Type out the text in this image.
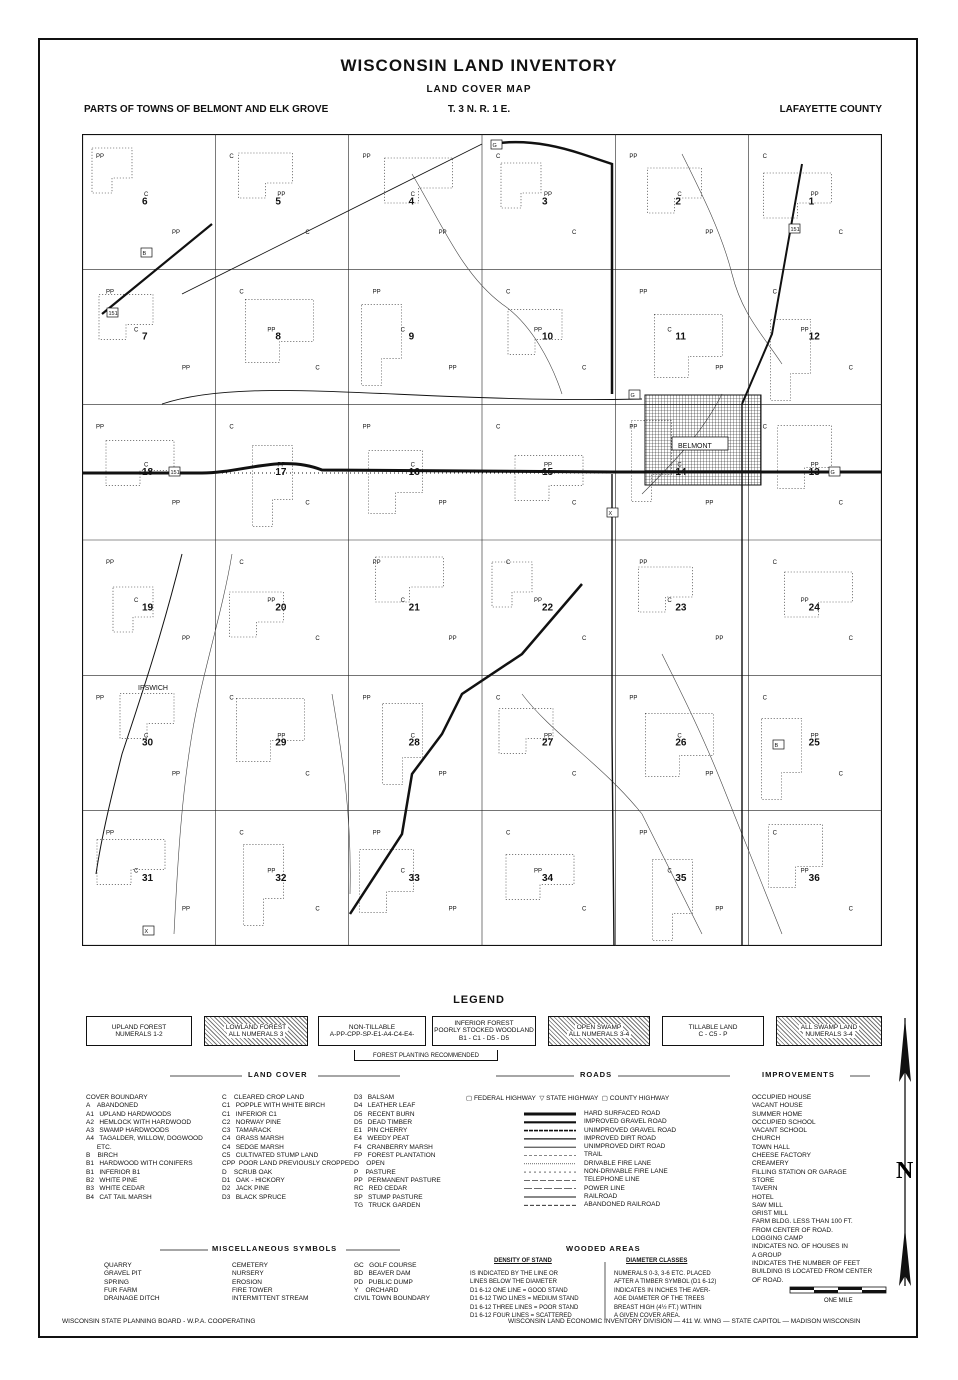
WISCONSIN LAND INVENTORY
LAND COVER MAP
PARTS OF TOWNS OF BELMONT AND ELK GROVE	T. 3 N. R. 1 E.	LAFAYETTE COUNTY
6
PP
C
PP
5
C
PP
C
4
PP
C
PP
3
C
PP
C
2
PP
C
PP
1
C
PP
C
7
PP
C
PP
8
C
PP
C
9
PP
C
PP
10
C
PP
C
11
PP
C
PP
12
C
PP
C
18
PP
C
PP
17
C
PP
C
16
PP
C
PP
15
C
PP
C
14
PP
C
PP
13
C
PP
C
19
PP
C
PP
20
C
PP
C
21
PP
C
PP
22
C
PP
C
23
PP
C
PP
24
C
PP
C
30
PP
C
PP
29
C
PP
C
28
PP
C
PP
27
C
PP
C
26
PP
C
PP
25
C
PP
C
31
PP
C
PP
32
C
PP
C
33
PP
C
PP
34
C
PP
C
35
PP
C
PP
36
C
PP
C
BELMONT
IPSWICH
151
151
151
G
G
G
B
B
X
X
LEGEND
UPLAND FOREST
NUMERALS 1-2
LOWLAND FOREST
ALL NUMERALS 3
NON-TILLABLE
A-PP-CPP-SP-E1-A4-C4-E4-
INFERIOR FOREST
POORLY STOCKED WOODLAND
B1 - C1 - D5 - D5
OPEN SWAMP
ALL NUMERALS 3-4
TILLABLE LAND
C - C5 - P
ALL SWAMP LAND
NUMERALS 3-4
FOREST PLANTING RECOMMENDED
LAND COVER	ROADS	IMPROVEMENTS
COVER BOUNDARY
A    ABANDONED
A1   UPLAND HARDWOODS
A2   HEMLOCK WITH HARDWOOD
A3   SWAMP HARDWOODS
A4   TAGALDER, WILLOW, DOGWOOD
ETC.
B    BIRCH
B1   HARDWOOD WITH CONIFERS
B1   INFERIOR B1
B2   WHITE PINE
B3   WHITE CEDAR
B4   CAT TAIL MARSH
C    CLEARED CROP LAND
C1   POPPLE WITH WHITE BIRCH
C1   INFERIOR C1
C2   NORWAY PINE
C3   TAMARACK
C4   GRASS MARSH
C4   SEDGE MARSH
C5   CULTIVATED STUMP LAND
CPP  POOR LAND PREVIOUSLY CROPPED
D    SCRUB OAK
D1   OAK - HICKORY
D2   JACK PINE
D3   BLACK SPRUCE
D3   BALSAM
D4   LEATHER LEAF
D5   RECENT BURN
D5   DEAD TIMBER
E1   PIN CHERRY
E4   WEEDY PEAT
F4   CRANBERRY MARSH
FP   FOREST PLANTATION
O    OPEN
P    PASTURE
PP   PERMANENT PASTURE
RC   RED CEDAR
SP   STUMP PASTURE
TG   TRUCK GARDEN
▢ FEDERAL HIGHWAY ▽ STATE HIGHWAY ▢ COUNTY HIGHWAY
HARD SURFACED ROAD
IMPROVED GRAVEL ROAD
UNIMPROVED GRAVEL ROAD
IMPROVED DIRT ROAD
UNIMPROVED DIRT ROAD
TRAIL
DRIVABLE FIRE LANE
NON-DRIVABLE FIRE LANE
TELEPHONE LINE
POWER LINE
RAILROAD
ABANDONED RAILROAD
OCCUPIED HOUSE
VACANT HOUSE
SUMMER HOME
OCCUPIED SCHOOL
VACANT SCHOOL
CHURCH
TOWN HALL
CHEESE FACTORY
CREAMERY
FILLING STATION OR GARAGE
STORE
TAVERN
HOTEL
SAW MILL
GRIST MILL
FARM BLDG. LESS THAN 100 FT.
FROM CENTER OF ROAD.
LOGGING CAMP
INDICATES NO. OF HOUSES IN
A GROUP
INDICATES THE NUMBER OF FEET
BUILDING IS LOCATED FROM CENTER
OF ROAD.
MISCELLANEOUS SYMBOLS
QUARRY
GRAVEL PIT
SPRING
FUR FARM
DRAINAGE DITCH
CEMETERY
NURSERY
EROSION
FIRE TOWER
INTERMITTENT STREAM
GC   GOLF COURSE
BD   BEAVER DAM
PD   PUBLIC DUMP
Y    ORCHARD
CIVIL TOWN BOUNDARY
WOODED AREAS
DENSITY OF STAND	DIAMETER CLASSES
IS INDICATED BY THE LINE OR
LINES BELOW THE DIAMETER
D1 6-12 ONE LINE = GOOD STAND
D1 6-12 TWO LINES = MEDIUM STAND
D1 6-12 THREE LINES = POOR STAND
D1 6-12 FOUR LINES = SCATTERED
NUMERALS 0-3, 3-6 ETC. PLACED
AFTER A TIMBER SYMBOL (D1 6-12)
INDICATES IN INCHES THE AVER-
AGE DIAMETER OF THE TREES
BREAST HIGH (4½ FT.) WITHIN
A GIVEN COVER AREA.
ONE MILE
N
WISCONSIN STATE PLANNING BOARD - W.P.A. COOPERATING	WISCONSIN LAND ECONOMIC INVENTORY DIVISION — 411 W. WING — STATE CAPITOL — MADISON WISCONSIN
